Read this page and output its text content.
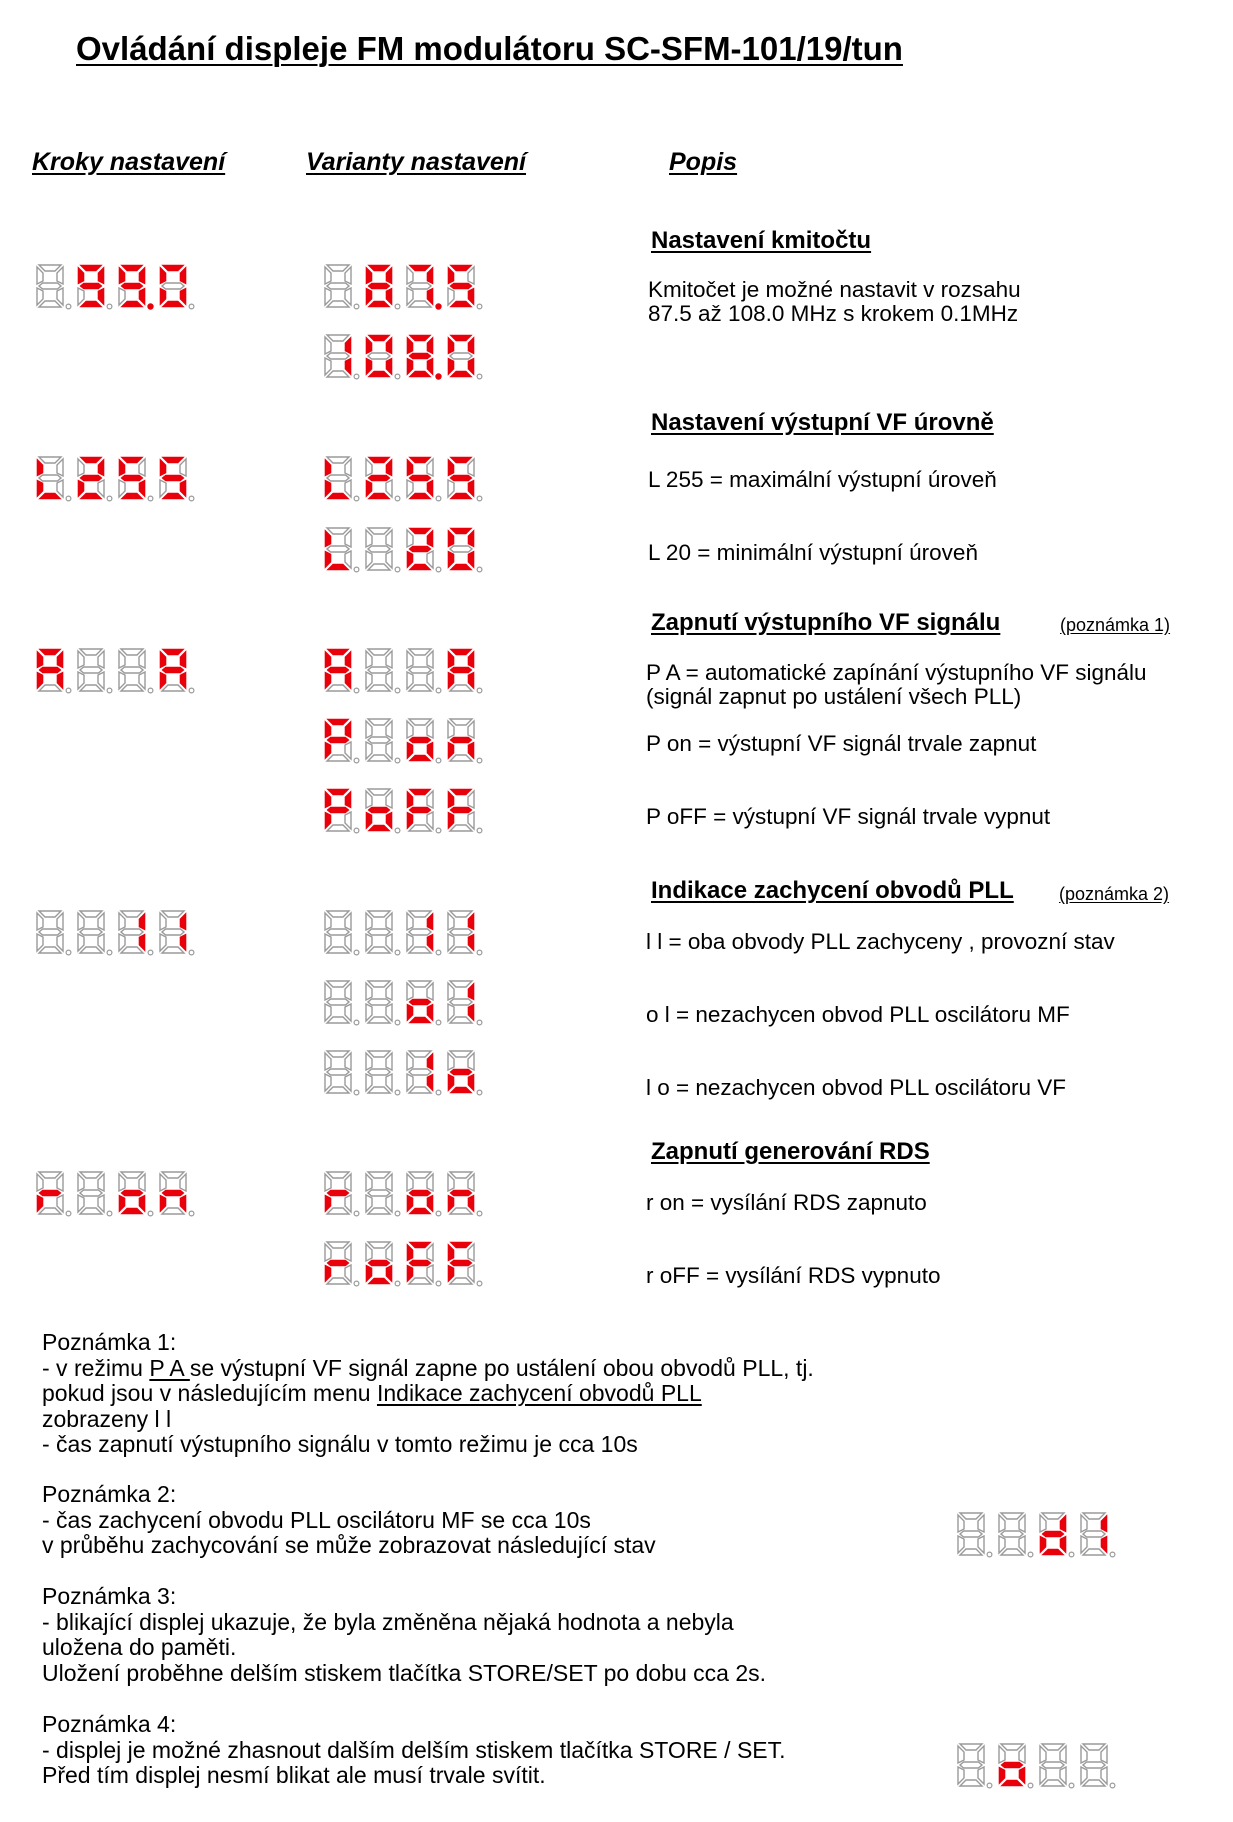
Ovládání displeje FM modulátoru SC-SFM-101/19/tun
Kroky nastavení	Varianty nastavení	Popis
Nastavení kmitočtu
Kmitočet je možné nastavit v rozsahu
87.5 až 108.0 MHz s krokem 0.1MHz
Nastavení výstupní VF úrovně
L 255 = maximální výstupní úroveň
L 20 = minimální výstupní úroveň
Zapnutí výstupního VF signálu	(poznámka 1)
P A = automatické zapínání výstupního VF signálu
(signál zapnut po ustálení všech PLL)
P on = výstupní VF signál trvale zapnut
P oFF = výstupní VF signál trvale vypnut
Indikace zachycení obvodů PLL	(poznámka 2)
l l = oba obvody PLL zachyceny , provozní stav
o l = nezachycen obvod PLL oscilátoru MF
l o = nezachycen obvod PLL oscilátoru VF
Zapnutí generování RDS
r on = vysílání RDS zapnuto
r oFF = vysílání RDS vypnuto
Poznámka 1:
- v režimu P A se výstupní VF signál zapne po ustálení obou obvodů PLL, tj.
pokud jsou v následujícím menu Indikace zachycení obvodů PLL
zobrazeny l l
- čas zapnutí výstupního signálu v tomto režimu je cca 10s
Poznámka 2:
- čas zachycení obvodu PLL oscilátoru MF se cca 10s
v průběhu zachycování se může zobrazovat následující stav
Poznámka 3:
- blikající displej ukazuje, že byla změněna nějaká hodnota a nebyla
uložena do paměti.
Uložení proběhne delším stiskem tlačítka STORE/SET po dobu cca 2s.
Poznámka 4:
- displej je možné zhasnout dalším delším stiskem tlačítka STORE / SET.
Před tím displej nesmí blikat ale musí trvale svítit.
